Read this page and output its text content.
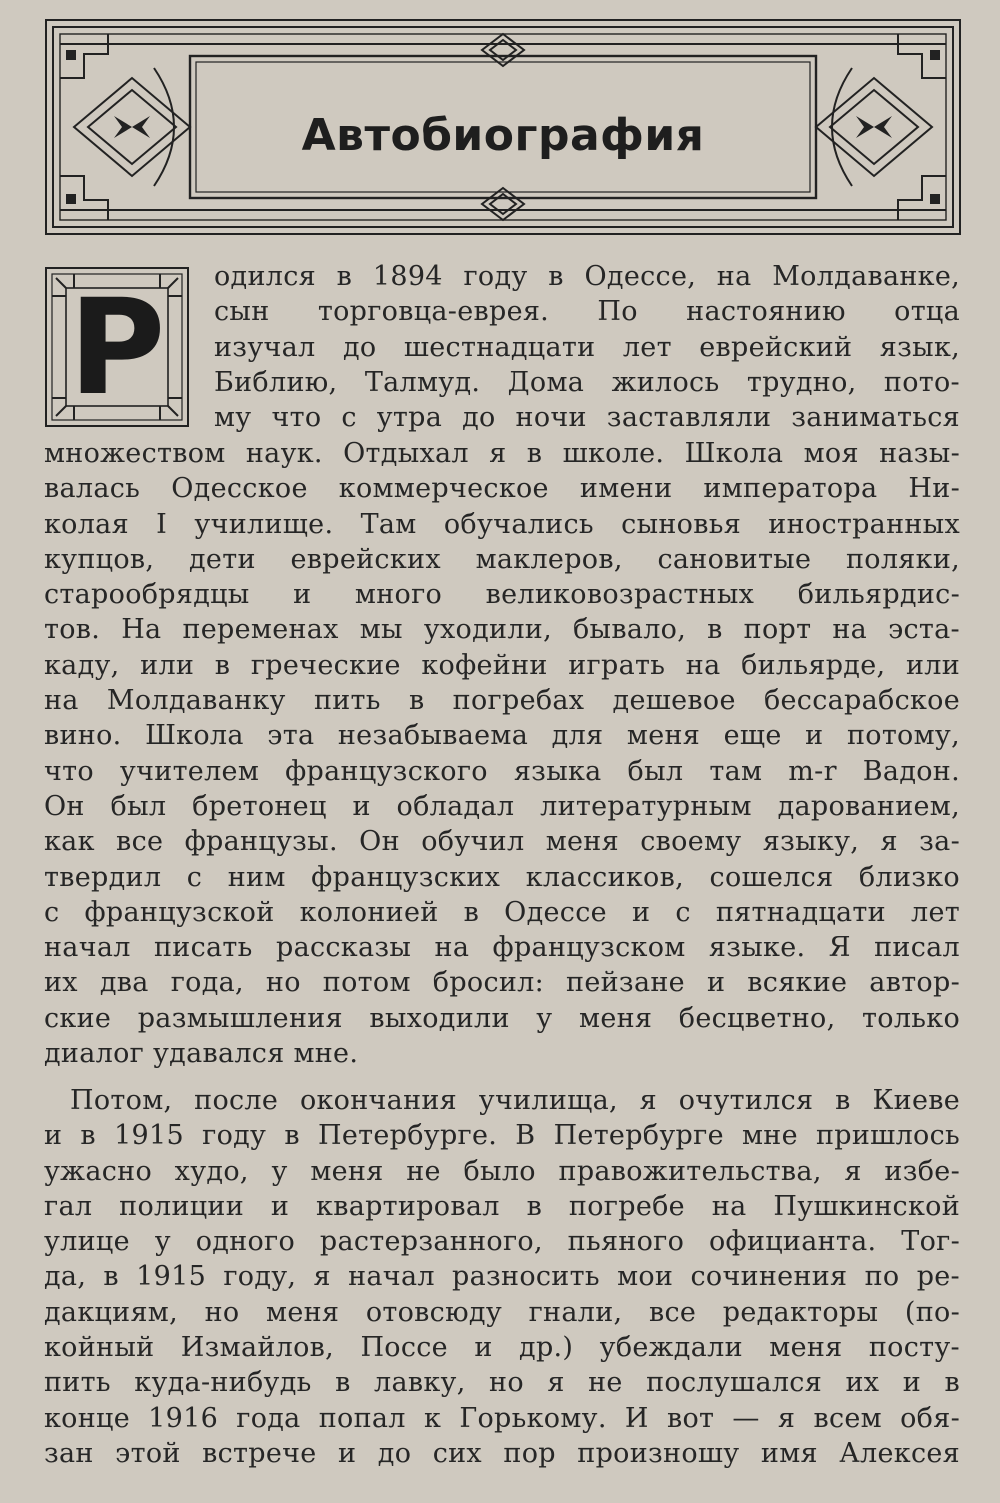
Автобиография
Р	одился в 1894 году в Одессе, на Молдаванке,
сын торговца-еврея. По настоянию отца
изучал до шестнадцати лет еврейский язык,
Библию, Талмуд. Дома жилось трудно, пото-
му что с утра до ночи заставляли заниматься
множеством наук. Отдыхал я в школе. Школа моя назы-
валась Одесское коммерческое имени императора Ни-
колая I училище. Там обучались сыновья иностранных
купцов, дети еврейских маклеров, сановитые поляки,
старообрядцы и много великовозрастных бильярдис-
тов. На переменах мы уходили, бывало, в порт на эста-
каду, или в греческие кофейни играть на бильярде, или
на Молдаванку пить в погребах дешевое бессарабское
вино. Школа эта незабываема для меня еще и потому,
что учителем французского языка был там m-r Вадон.
Он был бретонец и обладал литературным дарованием,
как все французы. Он обучил меня своему языку, я за-
твердил с ним французских классиков, сошелся близко
с французской колонией в Одессе и с пятнадцати лет
начал писать рассказы на французском языке. Я писал
их два года, но потом бросил: пейзане и всякие автор-
ские размышления выходили у меня бесцветно, только
диалог удавался мне.
Потом, после окончания училища, я очутился в Киеве
и в 1915 году в Петербурге. В Петербурге мне пришлось
ужасно худо, у меня не было правожительства, я избе-
гал полиции и квартировал в погребе на Пушкинской
улице у одного растерзанного, пьяного официанта. Тог-
да, в 1915 году, я начал разносить мои сочинения по ре-
дакциям, но меня отовсюду гнали, все редакторы (по-
койный Измайлов, Поссе и др.) убеждали меня посту-
пить куда-нибудь в лавку, но я не послушался их и в
конце 1916 года попал к Горькому. И вот — я всем обя-
зан этой встрече и до сих пор произношу имя Алексея
